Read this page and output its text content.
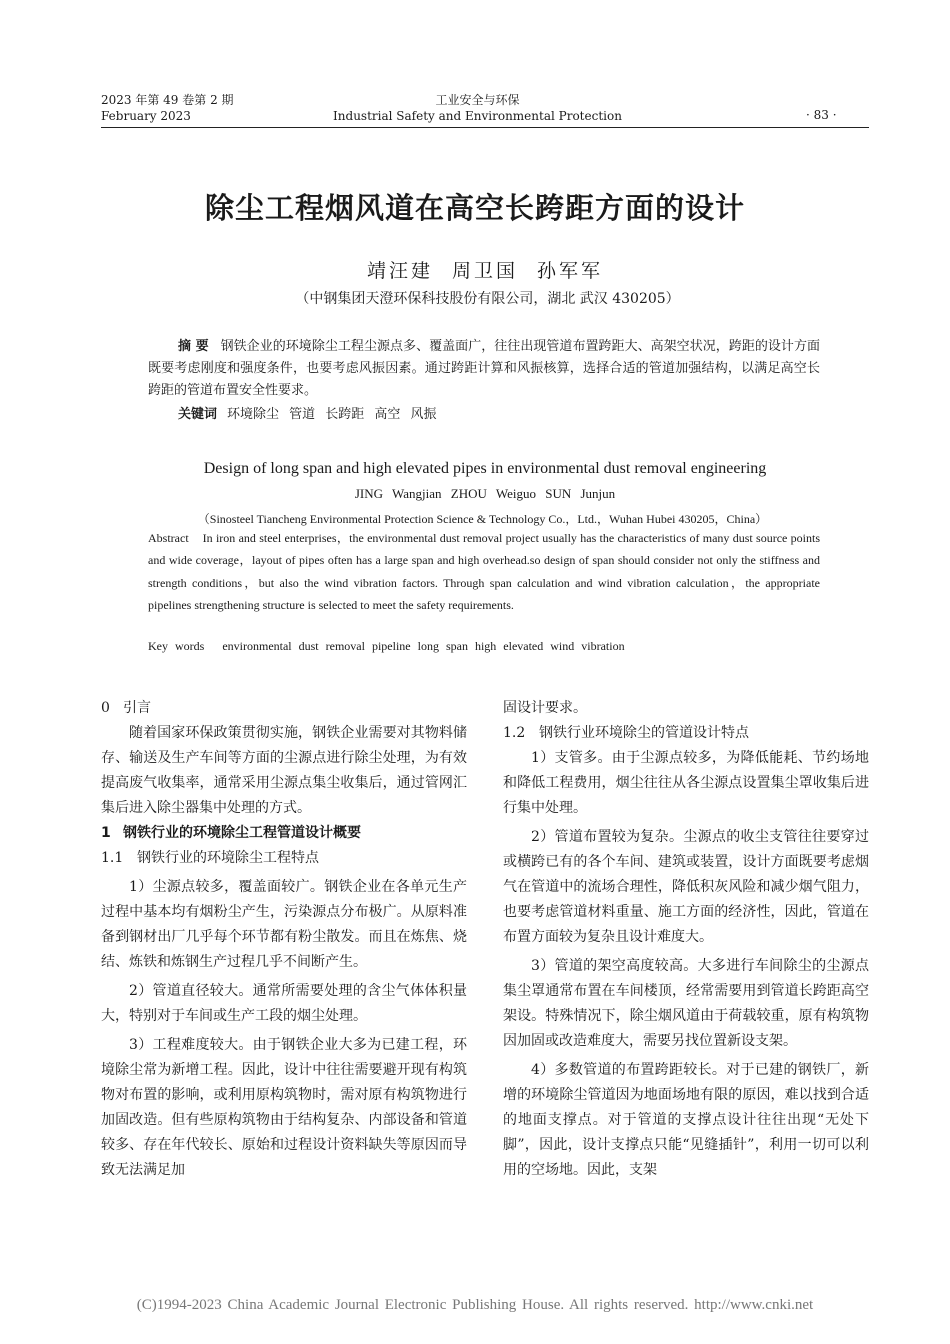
2023 年第 49 卷第 2 期
February 2023
工业安全与环保
Industrial Safety and Environmental Protection	· 83 ·
除尘工程烟风道在高空长跨距方面的设计
靖汪建 周卫国 孙军军
（中钢集团天澄环保科技股份有限公司，湖北 武汉 430205）

摘 要 钢铁企业的环境除尘工程尘源点多、覆盖面广，往往出现管道布置跨距大、高架空状况，跨距的设计方面既要考虑刚度和强度条件，也要考虑风振因素。通过跨距计算和风振核算，选择合适的管道加强结构，以满足高空长跨距的管道布置安全性要求。

关键词 环境除尘 管道 长跨距 高空 风振
Design of long span and high elevated pipes in environmental dust removal engineering
JING Wangjian ZHOU Weiguo SUN Junjun
（Sinosteel Tiancheng Environmental Protection Science & Technology Co.，Ltd.，Wuhan Hubei 430205，China）
Abstract In iron and steel enterprises，the environmental dust removal project usually has the characteristics of many dust source points and wide coverage，layout of pipes often has a large span and high overhead.so design of span should consider not only the stiffness and strength conditions，but also the wind vibration factors. Through span calculation and wind vibration calculation，the appropriate pipelines strengthening structure is selected to meet the safety requirements.
Key words environmental dust removal pipeline long span high elevated wind vibration
0 引言

随着国家环保政策贯彻实施，钢铁企业需要对其物料储存、输送及生产车间等方面的尘源点进行除尘处理，为有效提高废气收集率，通常采用尘源点集尘收集后，通过管网汇集后进入除尘器集中处理的方式。

1 钢铁行业的环境除尘工程管道设计概要
1.1 钢铁行业的环境除尘工程特点

1）尘源点较多，覆盖面较广。钢铁企业在各单元生产过程中基本均有烟粉尘产生，污染源点分布极广。从原料准备到钢材出厂几乎每个环节都有粉尘散发。而且在炼焦、烧结、炼铁和炼钢生产过程几乎不间断产生。

2）管道直径较大。通常所需要处理的含尘气体体积量大，特别对于车间或生产工段的烟尘处理。

3）工程难度较大。由于钢铁企业大多为已建工程，环境除尘常为新增工程。因此，设计中往往需要避开现有构筑物对布置的影响，或利用原构筑物时，需对原有构筑物进行加固改造。但有些原构筑物由于结构复杂、内部设备和管道较多、存在年代较长、原始和过程设计资料缺失等原因而导致无法满足加

固设计要求。

1.2 钢铁行业环境除尘的管道设计特点

1）支管多。由于尘源点较多，为降低能耗、节约场地和降低工程费用，烟尘往往从各尘源点设置集尘罩收集后进行集中处理。

2）管道布置较为复杂。尘源点的收尘支管往往要穿过或横跨已有的各个车间、建筑或装置，设计方面既要考虑烟气在管道中的流场合理性，降低积灰风险和减少烟气阻力，也要考虑管道材料重量、施工方面的经济性，因此，管道在布置方面较为复杂且设计难度大。

3）管道的架空高度较高。大多进行车间除尘的尘源点集尘罩通常布置在车间楼顶，经常需要用到管道长跨距高空架设。特殊情况下，除尘烟风道由于荷载较重，原有构筑物因加固或改造难度大，需要另找位置新设支架。

4）多数管道的布置跨距较长。对于已建的钢铁厂，新增的环境除尘管道因为地面场地有限的原因，难以找到合适的地面支撑点。对于管道的支撑点设计往往出现“无处下脚”，因此，设计支撑点只能“见缝插针”，利用一切可以利用的空场地。因此，支架

(C)1994-2023 China Academic Journal Electronic Publishing House. All rights reserved. http://www.cnki.net
